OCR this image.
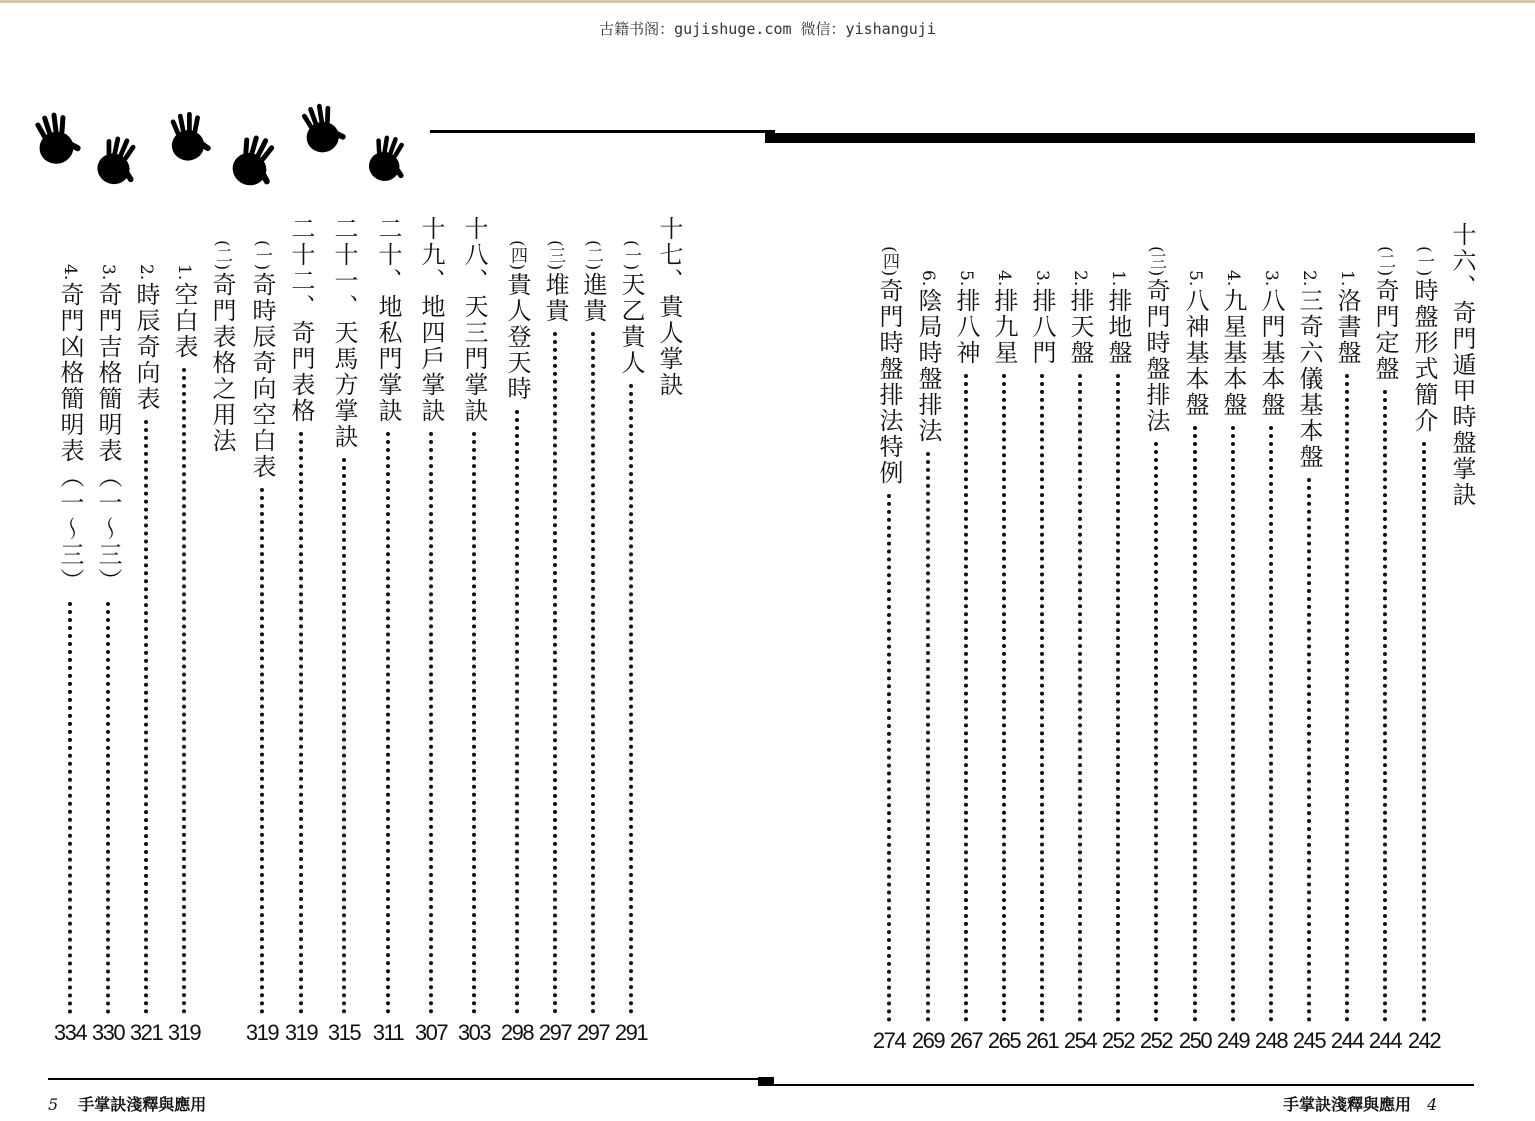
古籍书阁：gujishuge.com 微信：yishanguji
十六、奇門遁甲時盤掌訣
(一)
時盤形式簡介
242
(二)
奇門定盤
244
1.
洛書盤
244
2.
三奇六儀基本盤
245
3.
八門基本盤
248
4.
九星基本盤
249
5.
八神基本盤
250
(三)
奇門時盤排法
252
1.
排地盤
252
2.
排天盤
254
3.
排八門
261
4.
排九星
265
5.
排八神
267
6.
陰局時盤排法
269
(四)
奇門時盤排法特例
274
十七、貴人掌訣
(一)
天乙貴人
291
(二)
進貴
297
(三)
堆貴
297
(四)
貴人登天時
298
十八、天三門掌訣
303
十九、地四戶掌訣
307
二十、地私門掌訣
311
二十一、天馬方掌訣
315
二十二、奇門表格
319
(一)
奇時辰奇向空白表
319
(二)
奇門表格之用法
1.
空白表
319
2.
時辰奇向表
321
3.
奇門吉格簡明表（一～三）
330
4.
奇門凶格簡明表（一～三）
334
5 手掌訣淺釋與應用	手掌訣淺釋與應用 4
